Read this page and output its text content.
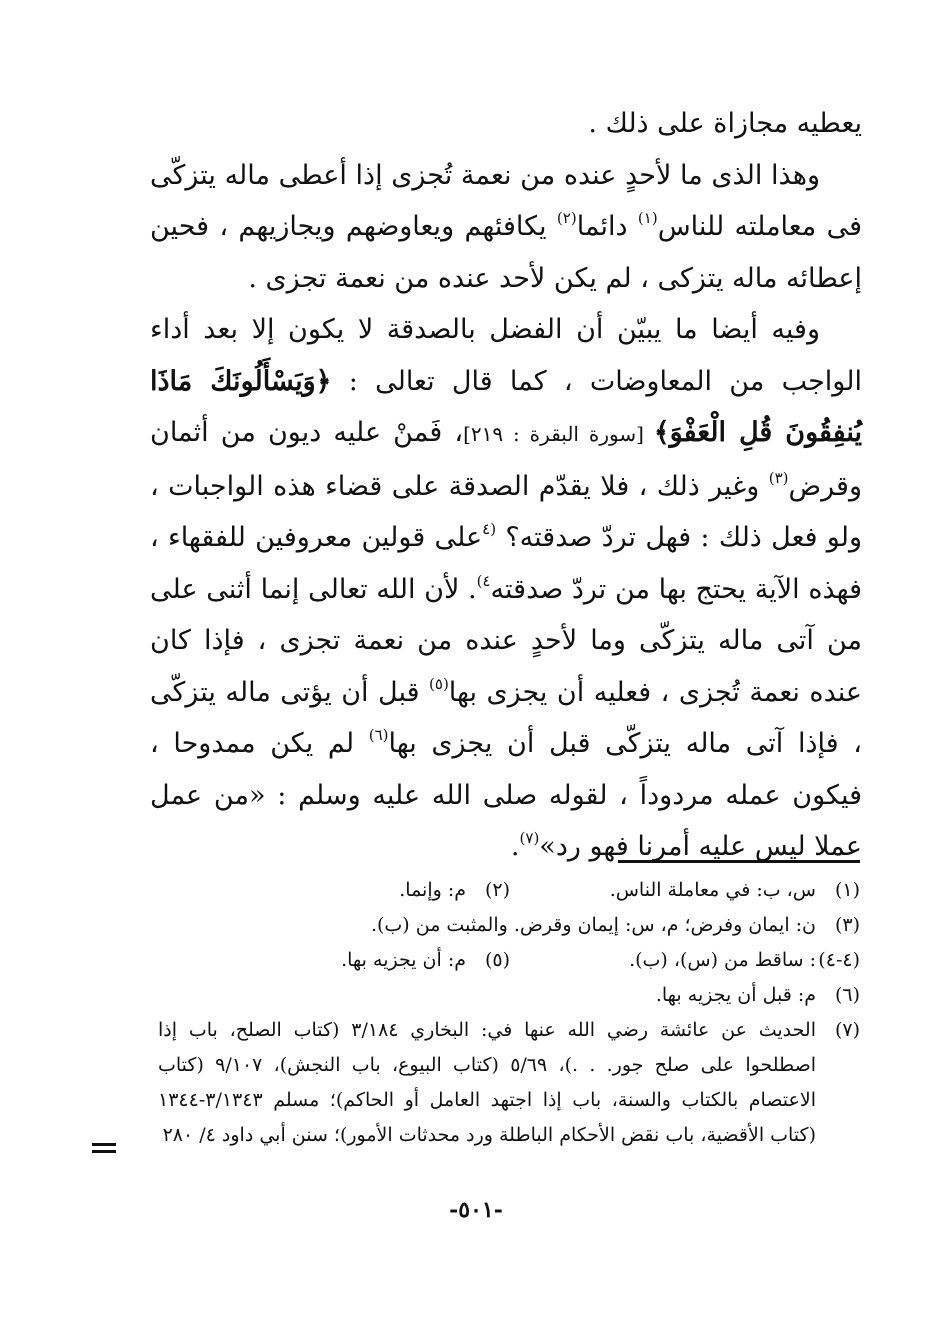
يعطيه مجازاة على ذلك .

وهذا الذى ما لأحدٍ عنده من نعمة تُجزى إذا أعطى ماله يتزكّى فى معاملته للناس$^{(١)}$ دائما$^{(٢)}$ يكافئهم ويعاوضهم ويجازيهم ، فحين إعطائه ماله يتزكى ، لم يكن لأحد عنده من نعمة تجزى .

وفيه أيضا ما يبيّن أن الفضل بالصدقة لا يكون إلا بعد أداء الواجب من المعاوضات ، كما قال تعالى : ﴿وَيَسْأَلُونَكَ مَاذَا يُنفِقُونَ قُلِ الْعَفْوَ﴾ [سورة البقرة : ٢١٩]، فَمنْ عليه ديون من أثمان وقرض$^{(٣)}$ وغير ذلك ، فلا يقدّم الصدقة على قضاء هذه الواجبات ، ولو فعل ذلك : فهل تردّ صدقته؟ $^{(٤}$على قولين معروفين للفقهاء ، فهذه الآية يحتج بها من تردّ صدقته$^{٤)}$. لأن الله تعالى إنما أثنى على من آتى ماله يتزكّى وما لأحدٍ عنده من نعمة تجزى ، فإذا كان عنده نعمة تُجزى ، فعليه أن يجزى بها$^{(٥)}$ قبل أن يؤتى ماله يتزكّى ، فإذا آتى ماله يتزكّى قبل أن يجزى بها$^{(٦)}$ لم يكن ممدوحا ، فيكون عمله مردوداً ، لقوله صلى الله عليه وسلم : «من عمل عملا ليس عليه أمرنا فهو رد»$^{(٧)}$.

(١)
س، ب: في معاملة الناس.
(٢)
م: وإنما.
(٣)
ن: ايمان وفرض؛ م، س: إيمان وقرض. والمثبت من (ب).
(٤-٤)
: ساقط من (س)، (ب).
(٥)
م: أن يجزيه بها.
(٦)
م: قبل أن يجزيه بها.
(٧)
الحديث عن عائشة رضي الله عنها في: البخاري ٣/١٨٤ (كتاب الصلح، باب إذا اصطلحوا على صلح جور. . .)، ٥/٦٩ (كتاب البيوع، باب النجش)، ٩/١٠٧ (كتاب الاعتصام بالكتاب والسنة، باب إذا اجتهد العامل أو الحاكم)؛ مسلم ٣/١٣٤٣-١٣٤٤ (كتاب الأقضية، باب نقض الأحكام الباطلة ورد محدثات الأمور)؛ سنن أبي داود ٤/ ٢٨٠
-٥٠١-
